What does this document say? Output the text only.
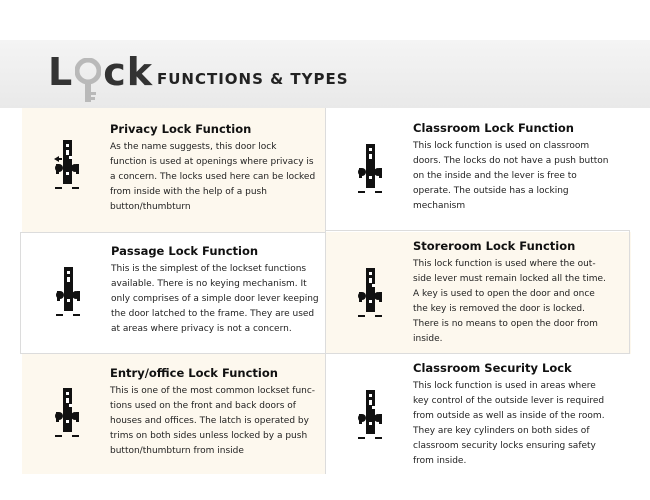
L ck FUNCTIONS & TYPES
Privacy Lock Function
As the name suggests, this door lock function is used at openings where privacy is a concern. The locks used here can be locked from inside with the help of a push button/thumbturn
Classroom Lock Function
This lock function is used on classroom doors. The locks do not have a push button on the inside and the lever is free to operate. The outside has a locking mechanism
Passage Lock Function
This is the simplest of the lockset functions available. There is no keying mechanism. It only comprises of a simple door lever keeping the door latched to the frame. They are used at areas where privacy is not a concern.
Storeroom Lock Function
This lock function is used where the out-side lever must remain locked all the time. A key is used to open the door and once the key is removed the door is locked. There is no means to open the door from inside.
Entry/office Lock Function
This is one of the most common lockset func-tions used on the front and back doors of houses and offices. The latch is operated by trims on both sides unless locked by a push button/thumbturn from inside
Classroom Security Lock
This lock function is used in areas where key control of the outside lever is required from outside as well as inside of the room. They are key cylinders on both sides of classroom security locks ensuring safety from inside.
